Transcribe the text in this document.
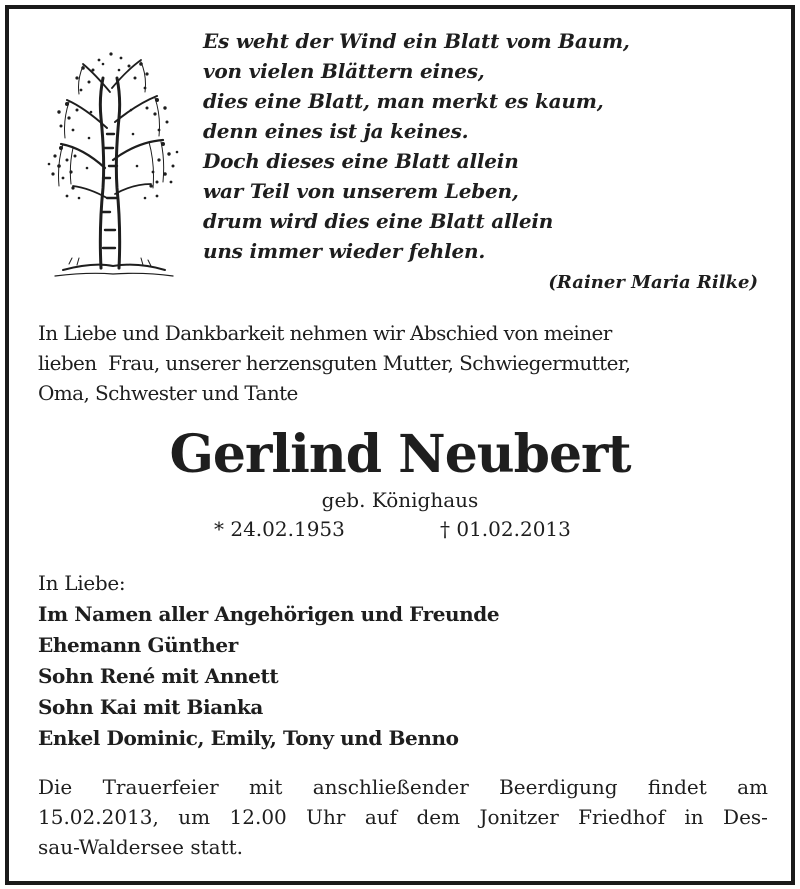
Es weht der Wind ein Blatt vom Baum,
von vielen Blättern eines,
dies eine Blatt, man merkt es kaum,
denn eines ist ja keines.
Doch dieses eine Blatt allein
war Teil von unserem Leben,
drum wird dies eine Blatt allein
uns immer wieder fehlen.
(Rainer Maria Rilke)
In Liebe und Dankbarkeit nehmen wir Abschied von meiner
lieben  Frau, unserer herzensguten Mutter, Schwiegermutter,
Oma, Schwester und Tante
Gerlind Neubert
geb. Könighaus
* 24.02.1953	† 01.02.2013
In Liebe:
Im Namen aller Angehörigen und Freunde
Ehemann Günther
Sohn René mit Annett
Sohn Kai mit Bianka
Enkel Dominic, Emily, Tony und Benno
Die Trauerfeier mit anschließender Beerdigung findet am
15.02.2013, um 12.00 Uhr auf dem Jonitzer Friedhof in Des-
sau-Waldersee statt.
